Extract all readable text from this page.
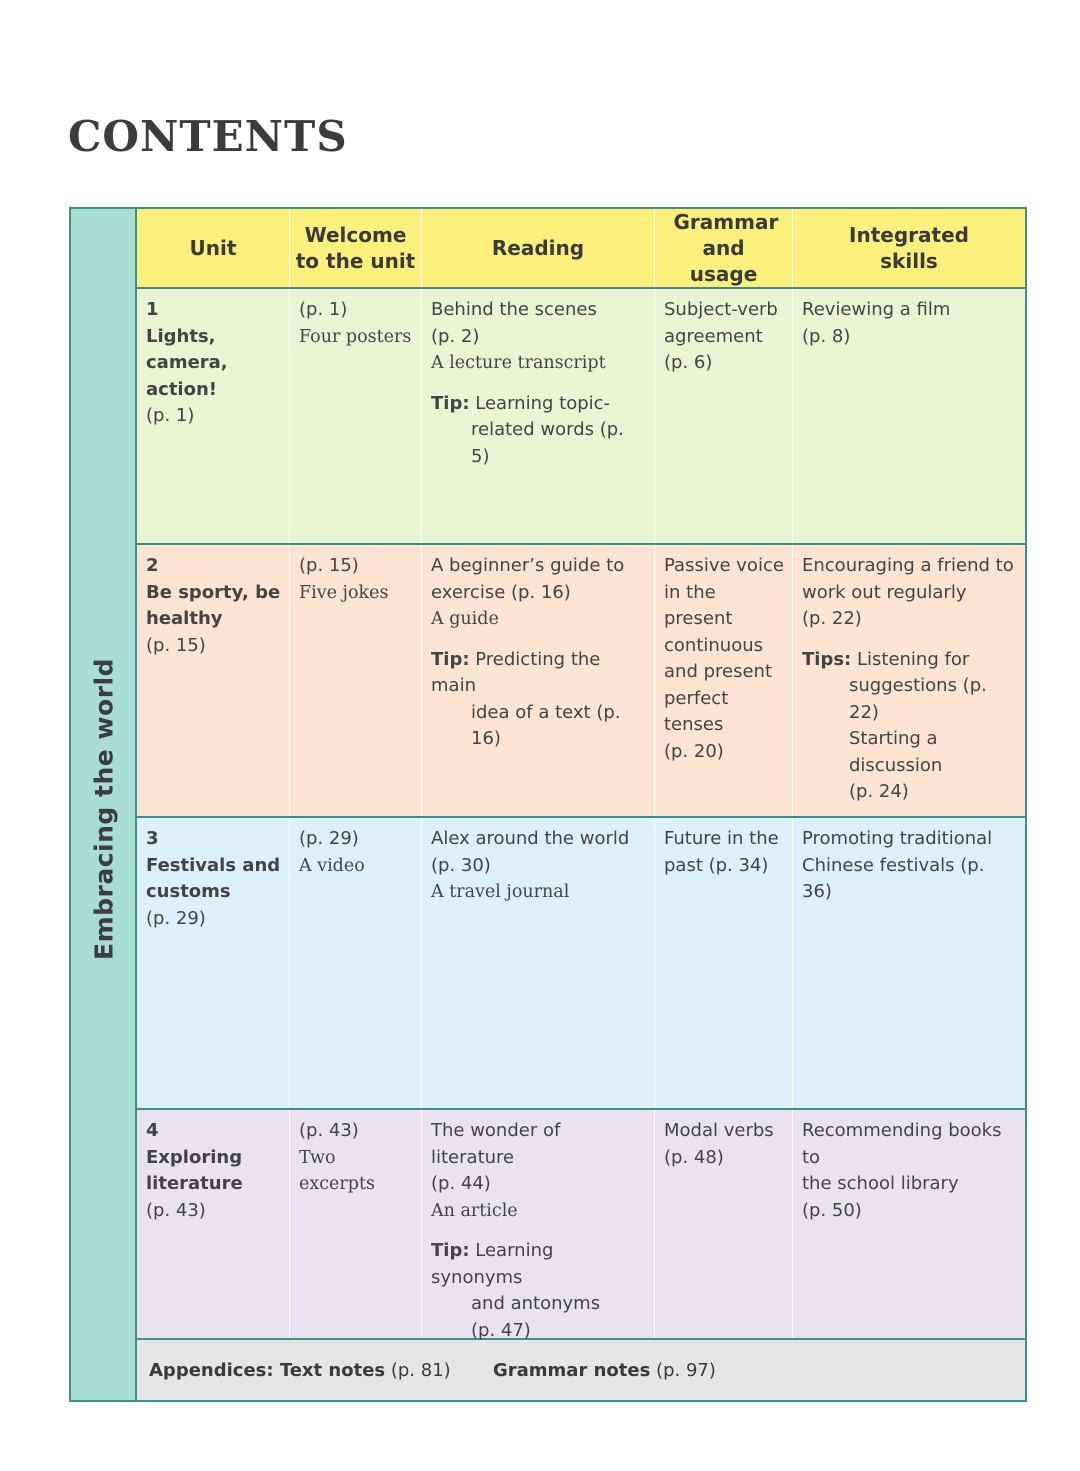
CONTENTS
Embracing the world
Unit
Welcome to the unit
Reading
Grammar and usage
Integrated skills
1
Lights, camera, action!
(p. 1)
(p. 1)
Four posters
Behind the scenes
(p. 2)
A lecture transcript
Tip: Learning topic-
related words (p. 5)
Subject-verb
agreement
(p. 6)
Reviewing a film
(p. 8)
2
Be sporty, be healthy
(p. 15)
(p. 15)
Five jokes
A beginner’s guide to
exercise (p. 16)
A guide
Tip: Predicting the main
idea of a text (p. 16)
Passive voice
in the present
continuous
and present
perfect tenses
(p. 20)
Encouraging a friend to
work out regularly
(p. 22)
Tips: Listening for
suggestions (p. 22)
Starting a discussion
(p. 24)
3
Festivals and customs
(p. 29)
(p. 29)
A video
Alex around the world
(p. 30)
A travel journal
Future in the
past (p. 34)
Promoting traditional
Chinese festivals (p. 36)
4
Exploring literature
(p. 43)
(p. 43)
Two excerpts
The wonder of literature
(p. 44)
An article
Tip: Learning synonyms
and antonyms
(p. 47)
Modal verbs
(p. 48)
Recommending books to
the school library
(p. 50)
Appendices: Text notes
(p. 81) Grammar notes
(p. 97)
